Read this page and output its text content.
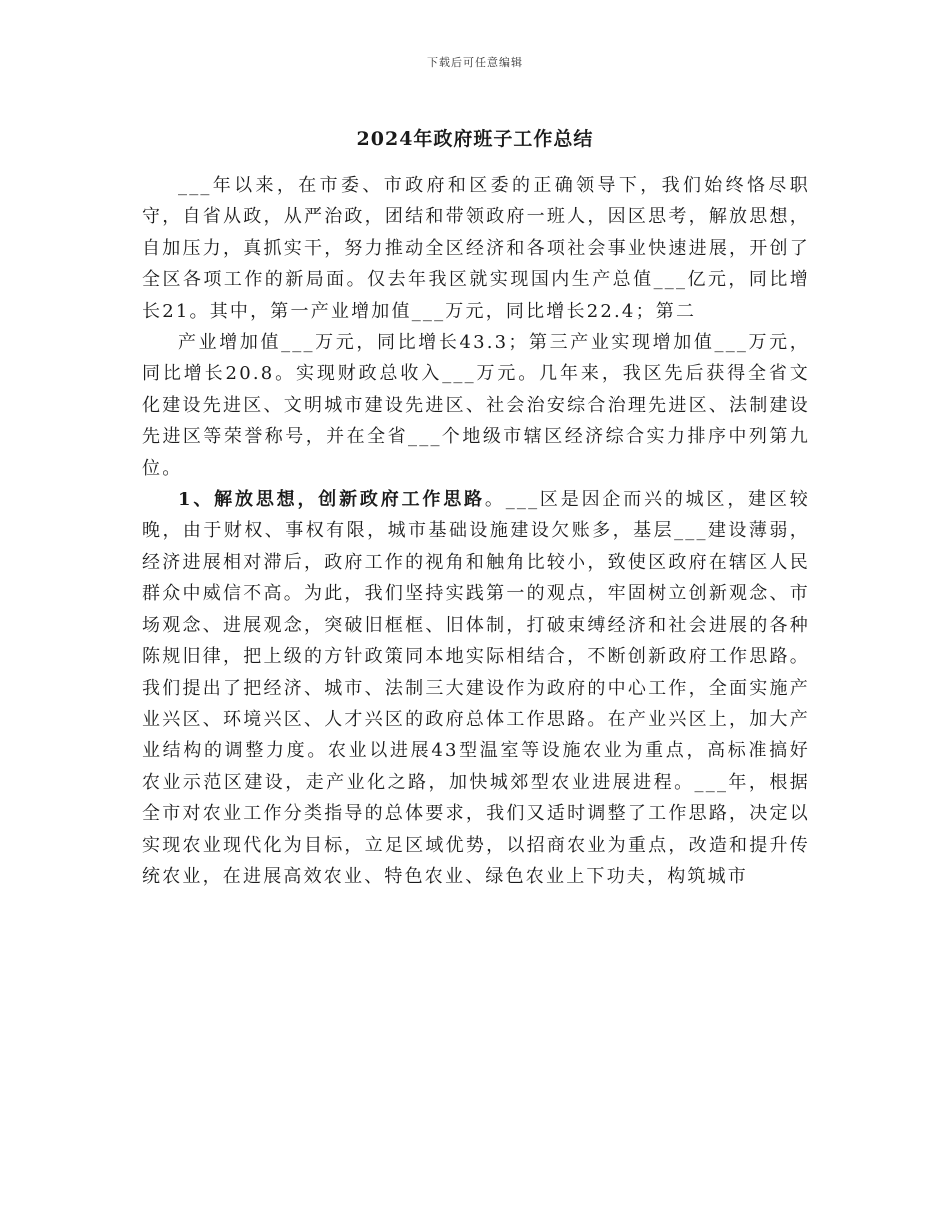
下载后可任意编辑
2024年政府班子工作总结

___年以来，在市委、市政府和区委的正确领导下，我们始终恪尽职守，自省从政，从严治政，团结和带领政府一班人，因区思考，解放思想，自加压力，真抓实干，努力推动全区经济和各项社会事业快速进展，开创了全区各项工作的新局面。仅去年我区就实现国内生产总值___亿元，同比增长21。其中，第一产业增加值___万元，同比增长22.4；第二

产业增加值___万元，同比增长43.3；第三产业实现增加值___万元，同比增长20.8。实现财政总收入___万元。几年来，我区先后获得全省文化建设先进区、文明城市建设先进区、社会治安综合治理先进区、法制建设先进区等荣誉称号，并在全省___个地级市辖区经济综合实力排序中列第九位。

1、解放思想，创新政府工作思路。___区是因企而兴的城区，建区较晚，由于财权、事权有限，城市基础设施建设欠账多，基层___建设薄弱，经济进展相对滞后，政府工作的视角和触角比较小，致使区政府在辖区人民群众中威信不高。为此，我们坚持实践第一的观点，牢固树立创新观念、市场观念、进展观念，突破旧框框、旧体制，打破束缚经济和社会进展的各种陈规旧律，把上级的方针政策同本地实际相结合，不断创新政府工作思路。我们提出了把经济、城市、法制三大建设作为政府的中心工作，全面实施产业兴区、环境兴区、人才兴区的政府总体工作思路。在产业兴区上，加大产业结构的调整力度。农业以进展43型温室等设施农业为重点，高标准搞好农业示范区建设，走产业化之路，加快城郊型农业进展进程。___年，根据全市对农业工作分类指导的总体要求，我们又适时调整了工作思路，决定以实现农业现代化为目标，立足区域优势，以招商农业为重点，改造和提升传统农业，在进展高效农业、特色农业、绿色农业上下功夫，构筑城市
